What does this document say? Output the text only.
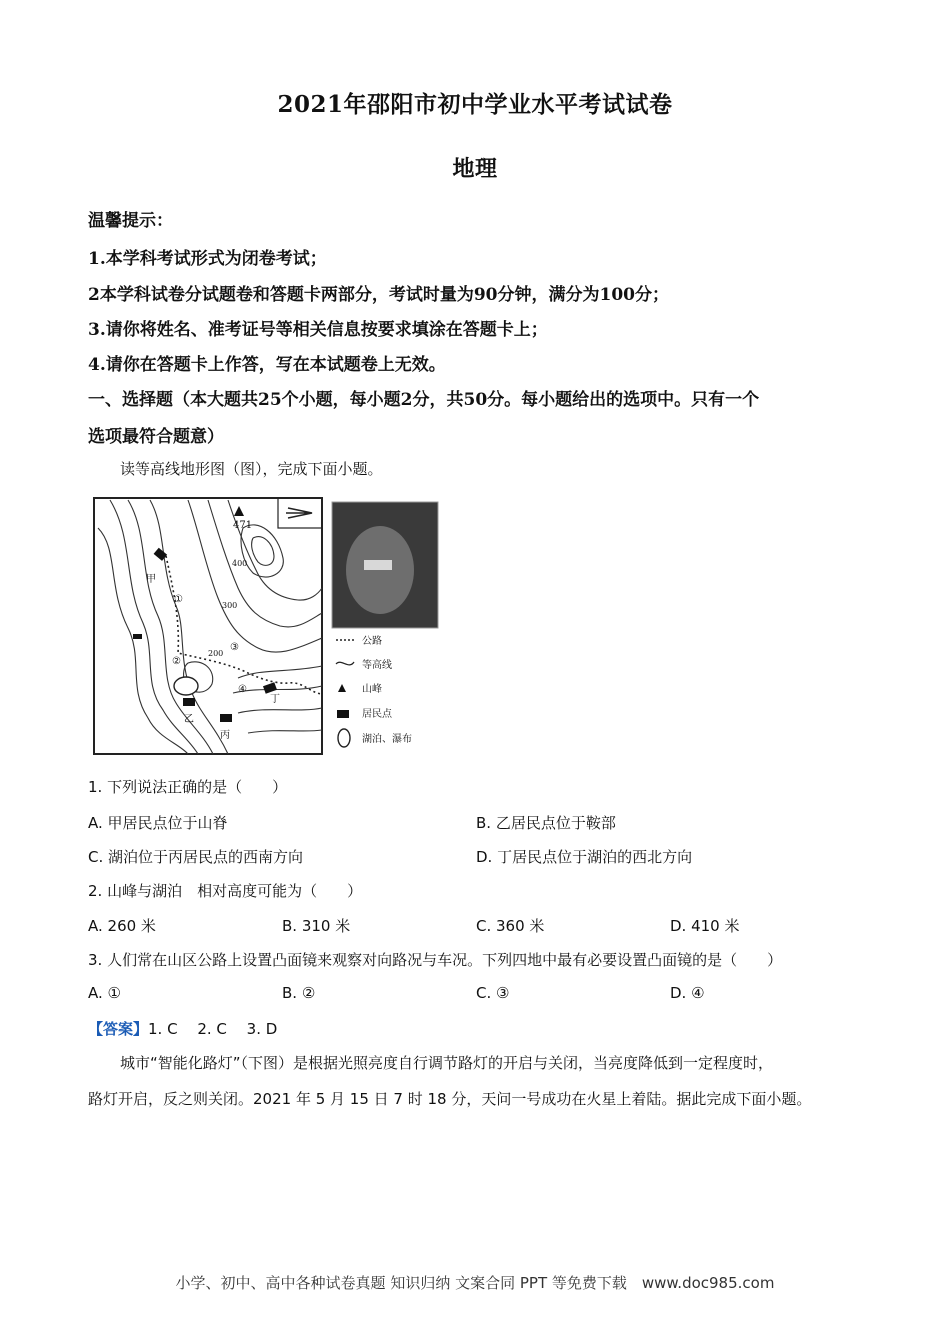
2021年邵阳市初中学业水平考试试卷
地理
温馨提示：
1.本学科考试形式为闭卷考试；
2本学科试卷分试题卷和答题卡两部分，考试时量为90分钟，满分为100分；
3.请你将姓名、准考证号等相关信息按要求填涂在答题卡上；
4.请你在答题卡上作答，写在本试题卷上无效。
一、选择题（本大题共25个小题，每小题2分，共50分。每小题给出的选项中。只有一个
选项最符合题意）
读等高线地形图（图），完成下面小题。
471
甲
乙
丙
丁
①
②
③
④
400
300
200
公路
等高线
山峰
居民点
湖泊、瀑布
1. 下列说法正确的是（　　）
A. 甲居民点位于山脊	B. 乙居民点位于鞍部
C. 湖泊位于丙居民点的西南方向	D. 丁居民点位于湖泊的西北方向
2. 山峰与湖泊　相对高度可能为（　　）
A. 260 米	B. 310 米	C. 360 米	D. 410 米
3. 人们常在山区公路上设置凸面镜来观察对向路况与车况。下列四地中最有必要设置凸面镜的是（　　）
A. ①	B. ②	C. ③	D. ④
【答案】1. C　 2. C　 3. D
城市“智能化路灯”（下图）是根据光照亮度自行调节路灯的开启与关闭，当亮度降低到一定程度时，
路灯开启，反之则关闭。2021 年 5 月 15 日 7 时 18 分，天问一号成功在火星上着陆。据此完成下面小题。
小学、初中、高中各种试卷真题 知识归纳 文案合同 PPT 等免费下载　www.doc985.com
